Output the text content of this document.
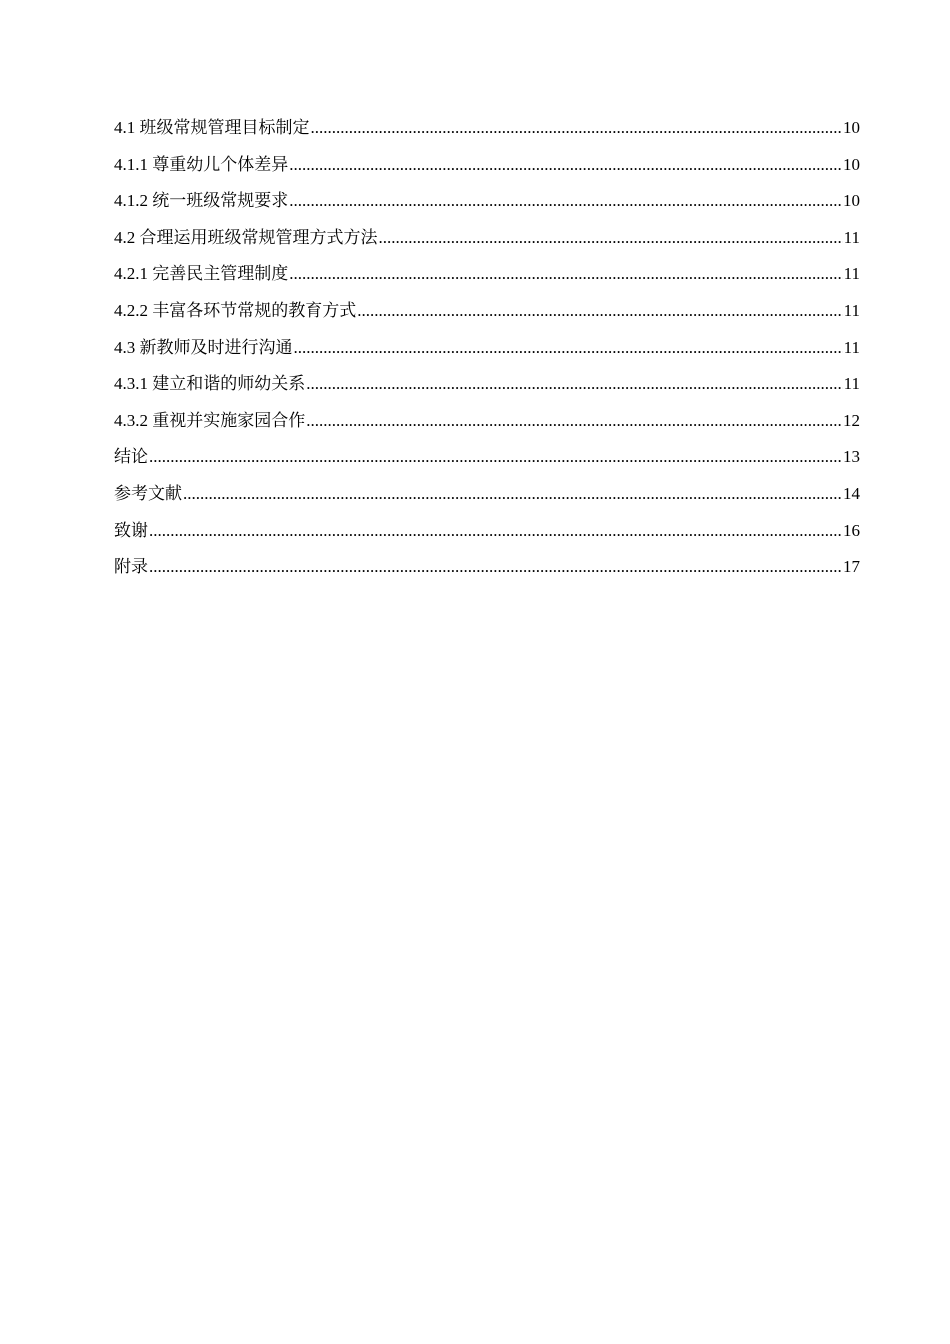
4.1 班级常规管理目标制定 .....	10
4.1.1 尊重幼儿个体差异 .....	10
4.1.2 统一班级常规要求 .....	10
4.2 合理运用班级常规管理方式方法 .....	11
4.2.1 完善民主管理制度 .....	11
4.2.2 丰富各环节常规的教育方式 .....	11
4.3 新教师及时进行沟通 .....	11
4.3.1 建立和谐的师幼关系 .....	11
4.3.2 重视并实施家园合作 .....	12
结论 .....	13
参考文献 .....	14
致谢 .....	16
附录 .....	17
